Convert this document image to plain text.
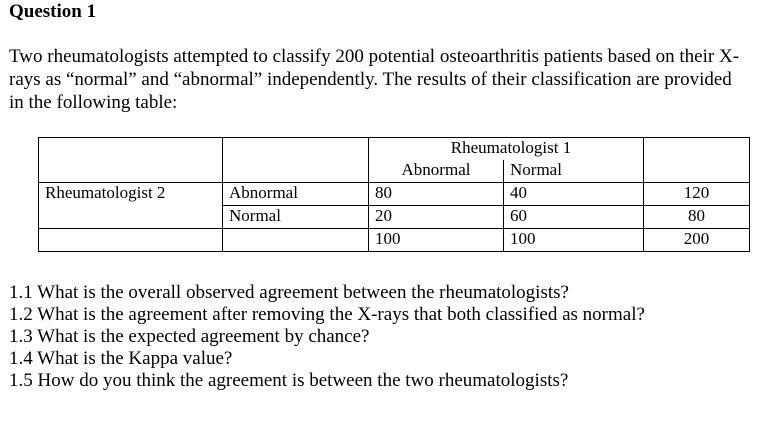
Question 1
Two rheumatologists attempted to classify 200 potential osteoarthritis patients based on their X-
rays as “normal” and “abnormal” independently. The results of their classification are provided
in the following table:
		Rheumatologist 1		
		Abnormal	Normal	
Rheumatologist 2	Abnormal	80	40	120
	Normal	20	60	80
		100	100	200
1.1 What is the overall observed agreement between the rheumatologists?
1.2 What is the agreement after removing the X-rays that both classified as normal?
1.3 What is the expected agreement by chance?
1.4 What is the Kappa value?
1.5 How do you think the agreement is between the two rheumatologists?
